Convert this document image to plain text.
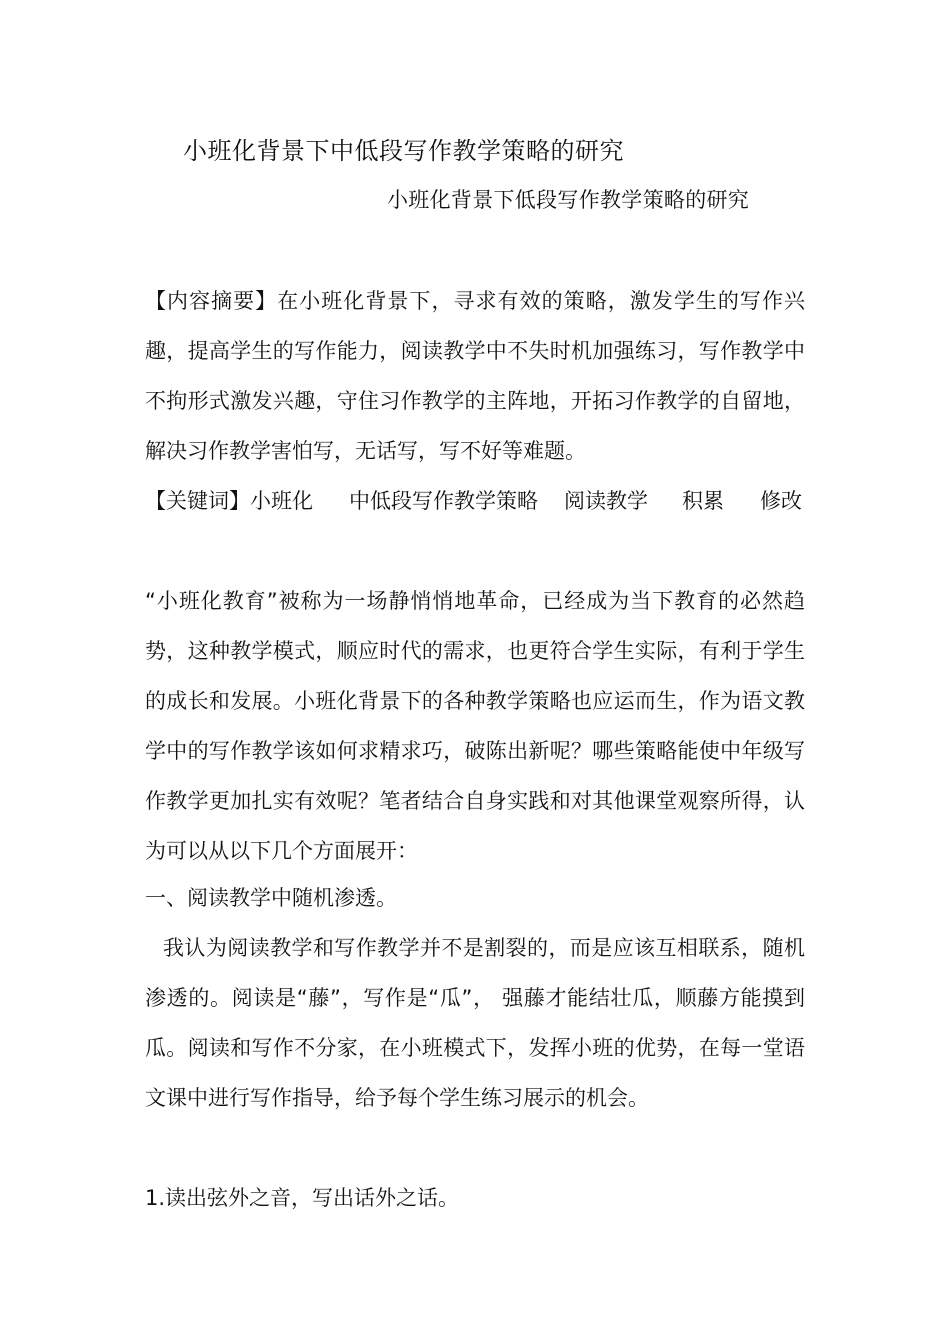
小班化背景下中低段写作教学策略的研究
小班化背景下低段写作教学策略的研究
【内容摘要】在小班化背景下，寻求有效的策略，激发学生的写作兴趣，提高学生的写作能力，阅读教学中不失时机加强练习，写作教学中不拘形式激发兴趣，守住习作教学的主阵地，开拓习作教学的自留地，解决习作教学害怕写，无话写，写不好等难题。
【关键词】小班化 中低段写作教学策略 阅读教学 积累 修改
“小班化教育”被称为一场静悄悄地革命，已经成为当下教育的必然趋势，这种教学模式，顺应时代的需求，也更符合学生实际，有利于学生的成长和发展。小班化背景下的各种教学策略也应运而生，作为语文教学中的写作教学该如何求精求巧，破陈出新呢？哪些策略能使中年级写作教学更加扎实有效呢？笔者结合自身实践和对其他课堂观察所得，认为可以从以下几个方面展开：
一、阅读教学中随机渗透。
我认为阅读教学和写作教学并不是割裂的，而是应该互相联系，随机渗透的。阅读是“藤”，写作是“瓜”， 强藤才能结壮瓜，顺藤方能摸到瓜。阅读和写作不分家，在小班模式下，发挥小班的优势，在每一堂语文课中进行写作指导，给予每个学生练习展示的机会。
1.读出弦外之音，写出话外之话。
